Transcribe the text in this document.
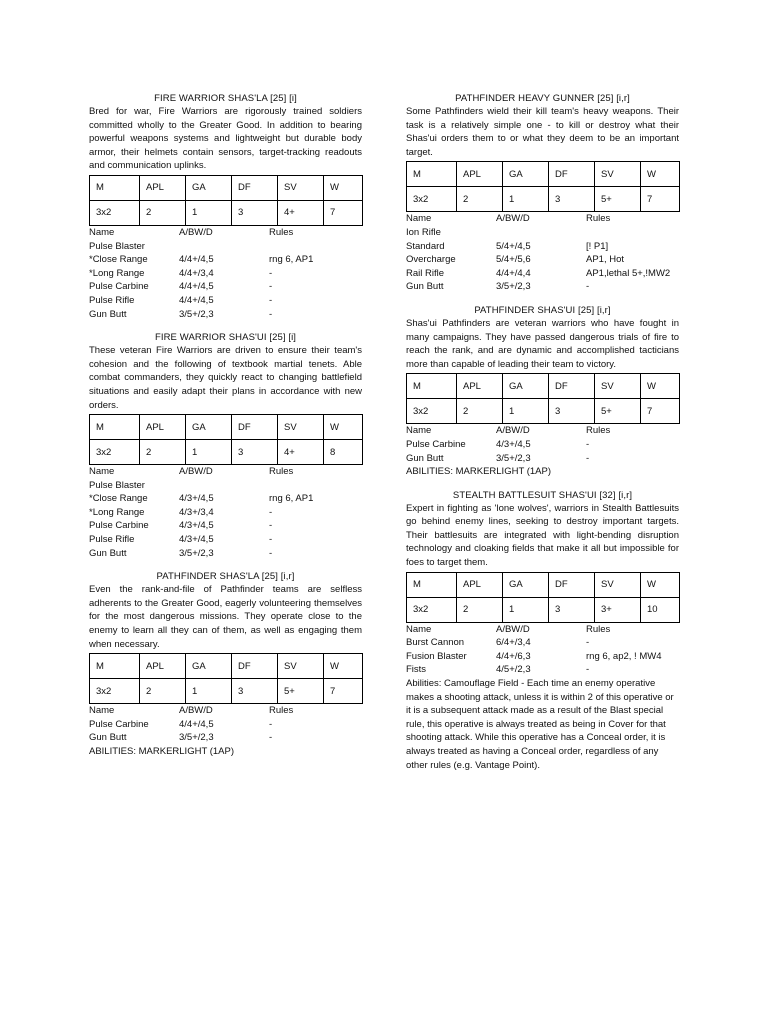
FIRE WARRIOR SHAS'LA [25] [i]
Bred for war, Fire Warriors are rigorously trained soldiers committed wholly to the Greater Good. In addition to bearing powerful weapons systems and lightweight but durable body armor, their helmets contain sensors, target-tracking readouts and communication uplinks.
M	APL	GA	DF	SV	W
3x2	2	1	3	4+	7
Name	A/BW/D	Rules
Pulse Blaster
*Close Range	4/4+/4,5	rng 6, AP1
*Long Range	4/4+/3,4	-
Pulse Carbine	4/4+/4,5	-
Pulse Rifle	4/4+/4,5	-
Gun Butt	3/5+/2,3	-
FIRE WARRIOR SHAS'UI [25] [i]
These veteran Fire Warriors are driven to ensure their team's cohesion and the following of textbook martial tenets. Able combat commanders, they quickly react to changing battlefield situations and easily adapt their plans in accordance with new orders.
M	APL	GA	DF	SV	W
3x2	2	1	3	4+	8
Name	A/BW/D	Rules
Pulse Blaster
*Close Range	4/3+/4,5	rng 6, AP1
*Long Range	4/3+/3,4	-
Pulse Carbine	4/3+/4,5	-
Pulse Rifle	4/3+/4,5	-
Gun Butt	3/5+/2,3	-
PATHFINDER SHAS'LA [25] [i,r]
Even the rank-and-file of Pathfinder teams are selfless adherents to the Greater Good, eagerly volunteering themselves for the most dangerous missions. They operate close to the enemy to learn all they can of them, as well as engaging them when necessary.
M	APL	GA	DF	SV	W
3x2	2	1	3	5+	7
Name	A/BW/D	Rules
Pulse Carbine	4/4+/4,5	-
Gun Butt	3/5+/2,3	-
ABILITIES: MARKERLIGHT (1AP)
PATHFINDER HEAVY GUNNER [25] [i,r]
Some Pathfinders wield their kill team's heavy weapons. Their task is a relatively simple one - to kill or destroy what their Shas'ui orders them to or what they deem to be an important target.
M	APL	GA	DF	SV	W
3x2	2	1	3	5+	7
Name	A/BW/D	Rules
Ion Rifle
Standard	5/4+/4,5	[! P1]
Overcharge	5/4+/5,6	AP1, Hot
Rail Rifle	4/4+/4,4	AP1,lethal 5+,!MW2
Gun Butt	3/5+/2,3	-
PATHFINDER SHAS'UI [25] [i,r]
Shas'ui Pathfinders are veteran warriors who have fought in many campaigns. They have passed dangerous trials of fire to reach the rank, and are dynamic and accomplished tacticians more than capable of leading their team to victory.
M	APL	GA	DF	SV	W
3x2	2	1	3	5+	7
Name	A/BW/D	Rules
Pulse Carbine	4/3+/4,5	-
Gun Butt	3/5+/2,3	-
ABILITIES: MARKERLIGHT (1AP)
STEALTH BATTLESUIT SHAS'UI [32] [i,r]
Expert in fighting as 'lone wolves', warriors in Stealth Battlesuits go behind enemy lines, seeking to destroy important targets. Their battlesuits are integrated with light-bending disruption technology and cloaking fields that make it all but impossible for foes to target them.
M	APL	GA	DF	SV	W
3x2	2	1	3	3+	10
Name	A/BW/D	Rules
Burst Cannon	6/4+/3,4	-
Fusion Blaster	4/4+/6,3	rng 6, ap2, ! MW4
Fists	4/5+/2,3	-
Abilities: Camouflage Field - Each time an enemy operative makes a shooting attack, unless it is within 2 of this operative or it is a subsequent attack made as a result of the Blast special rule, this operative is always treated as being in Cover for that shooting attack. While this operative has a Conceal order, it is always treated as having a Conceal order, regardless of any other rules (e.g. Vantage Point).
